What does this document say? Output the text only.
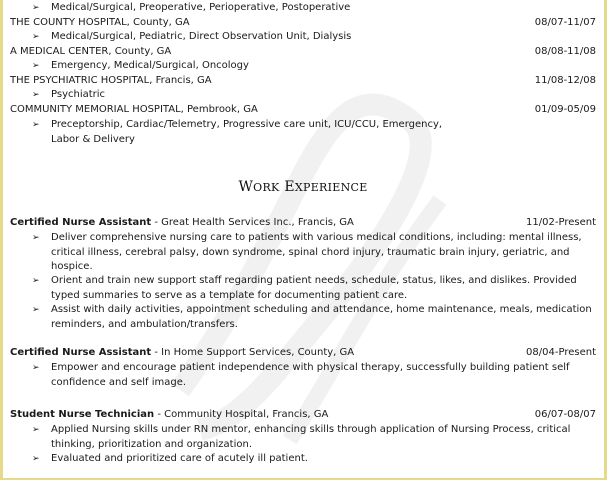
➢	Medical/Surgical, Preoperative, Perioperative, Postoperative
THE COUNTY HOSPITAL, County, GA	08/07-11/07
➢	Medical/Surgical, Pediatric, Direct Observation Unit, Dialysis
A MEDICAL CENTER, County, GA	08/08-11/08
➢	Emergency, Medical/Surgical, Oncology
THE PSYCHIATRIC HOSPITAL, Francis, GA	11/08-12/08
➢	Psychiatric
COMMUNITY MEMORIAL HOSPITAL, Pembrook, GA	01/09-05/09
➢	Preceptorship, Cardiac/Telemetry, Progressive care unit, ICU/CCU, Emergency, Labor & Delivery
WORK EXPERIENCE
Certified Nurse Assistant - Great Health Services Inc., Francis, GA	11/02-Present
➢	Deliver comprehensive nursing care to patients with various medical conditions, including: mental illness, critical illness, cerebral palsy, down syndrome, spinal chord injury, traumatic brain injury, geriatric, and hospice.
➢	Orient and train new support staff regarding patient needs, schedule, status, likes, and dislikes. Provided typed summaries to serve as a template for documenting patient care.
➢	Assist with daily activities, appointment scheduling and attendance, home maintenance, meals, medication reminders, and ambulation/transfers.
Certified Nurse Assistant - In Home Support Services, County, GA	08/04-Present
➢	Empower and encourage patient independence with physical therapy, successfully building patient self confidence and self image.
Student Nurse Technician - Community Hospital, Francis, GA	06/07-08/07
➢	Applied Nursing skills under RN mentor, enhancing skills through application of Nursing Process, critical thinking, prioritization and organization.
➢	Evaluated and prioritized care of acutely ill patient.
